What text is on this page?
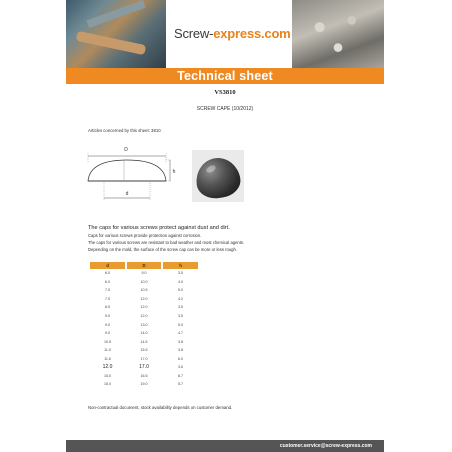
Screw-express.com
Technical sheet
VS3810
SCREW CAPE (10/2012)
Articles concerned by this sheet: 3810
D
d
h
The caps for various screws protect against dust and dirt.
Caps for various screws provide protection against corrosion.
The caps for various screws are resistant to bad weather and most chemical agents.
Depending on the mold, the surface of the screw cap can be more or less rough.
d	D	h
6.0	9.0	3.5
6.0	10.0	4.0
7.0	10.5	5.0
7.0	12.0	4.2
8.5	12.0	3.5
9.0	12.0	3.5
9.0	13.0	5.0
9.0	14.0	4.7
10.5	14.5	3.8
11.0	15.5	3.8
11.6	17.0	6.0
12.0	17.0	3.6
15.0	16.5	6.7
15.0	19.0	5.7
Non-contractual document, stock availability depends on customer demand.
customer.service@screw-express.com
